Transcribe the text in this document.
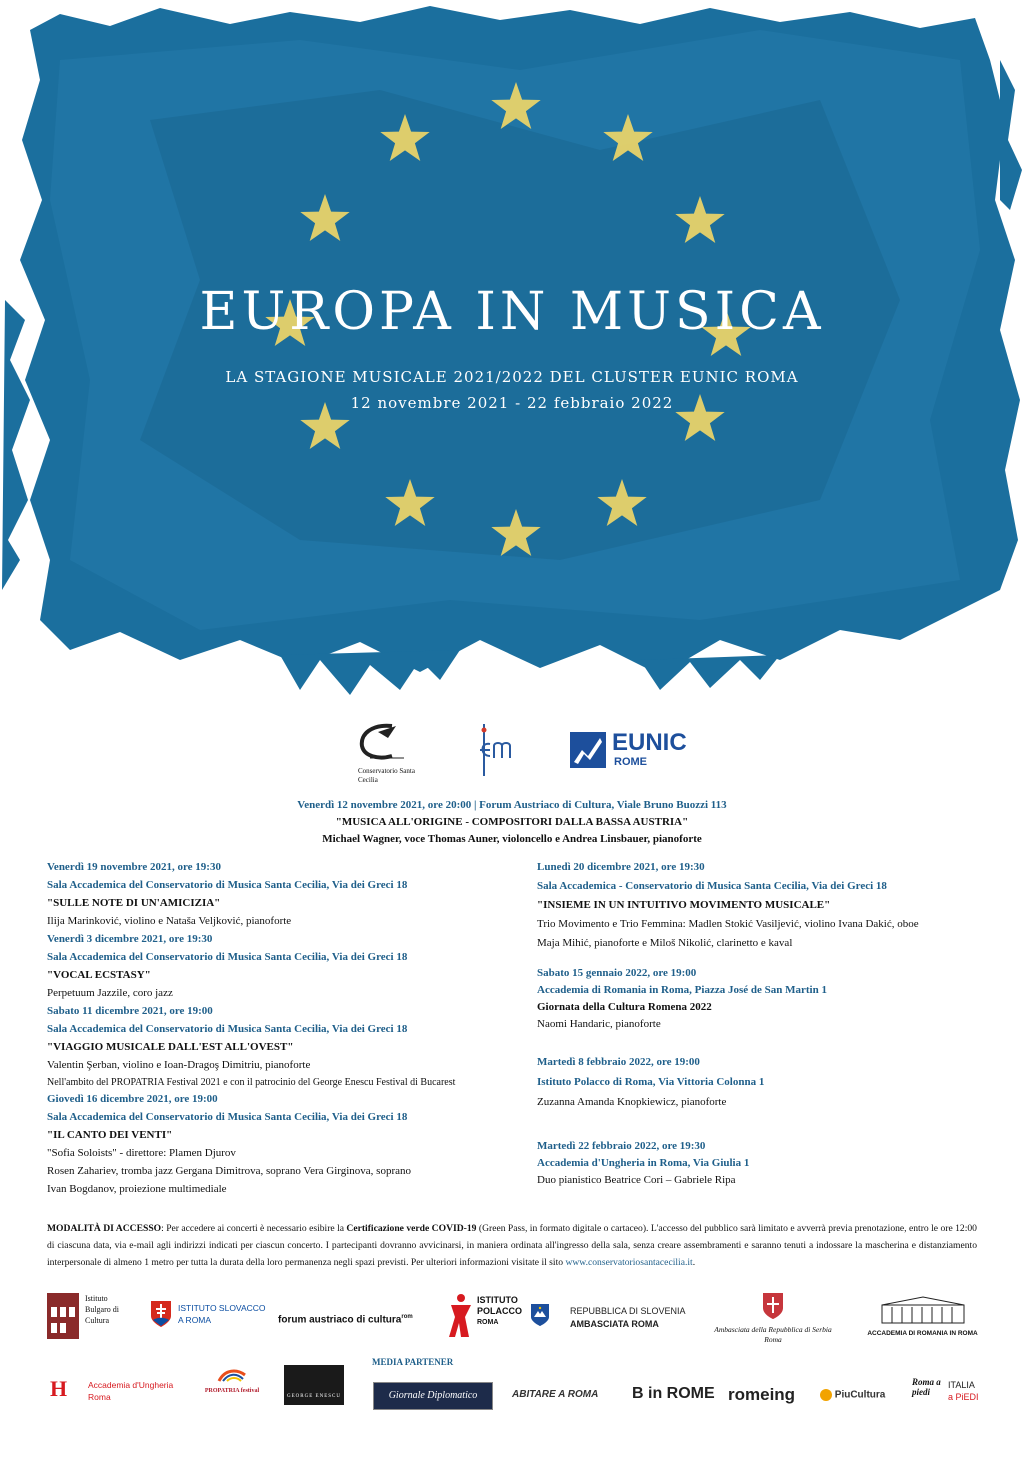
EUROPA IN MUSICA
LA STAGIONE MUSICALE 2021/2022 DEL CLUSTER EUNIC ROMA
12 novembre 2021 - 22 febbraio 2022
Conservatorio Santa Cecilia
EUNIC
ROME
Venerdì 12 novembre 2021, ore 20:00 | Forum Austriaco di Cultura, Viale Bruno Buozzi 113
"MUSICA ALL'ORIGINE - COMPOSITORI DALLA BASSA AUSTRIA"
Michael Wagner, voce Thomas Auner, violoncello e Andrea Linsbauer, pianoforte
Venerdì 19 novembre 2021, ore 19:30
Sala Accademica del Conservatorio di Musica Santa Cecilia, Via dei Greci 18
"SULLE NOTE DI UN'AMICIZIA"
Ilija Marinković, violino e Nataša Veljković, pianoforte
Venerdì 3 dicembre 2021, ore 19:30
Sala Accademica del Conservatorio di Musica Santa Cecilia, Via dei Greci 18
"VOCAL ECSTASY"
Perpetuum Jazzile, coro jazz
Sabato 11 dicembre 2021, ore 19:00
Sala Accademica del Conservatorio di Musica Santa Cecilia, Via dei Greci 18
"VIAGGIO MUSICALE DALL'EST ALL'OVEST"
Valentin Şerban, violino e Ioan-Dragoş Dimitriu, pianoforte
Nell'ambito del PROPATRIA Festival 2021 e con il patrocinio del George Enescu Festival di Bucarest
Giovedì 16 dicembre 2021, ore 19:00
Sala Accademica del Conservatorio di Musica Santa Cecilia, Via dei Greci 18
"IL CANTO DEI VENTI"
"Sofia Soloists" - direttore: Plamen Djurov
Rosen Zahariev, tromba jazz Gergana Dimitrova, soprano Vera Girginova, soprano
Ivan Bogdanov, proiezione multimediale
Lunedì 20 dicembre 2021, ore 19:30
Sala Accademica - Conservatorio di Musica Santa Cecilia, Via dei Greci 18
"INSIEME IN UN INTUITIVO MOVIMENTO MUSICALE"
Trio Movimento e Trio Femmina: Madlen Stokić Vasiljević, violino Ivana Dakić, oboe
Maja Mihić, pianoforte e Miloš Nikolić, clarinetto e kaval
Sabato 15 gennaio 2022, ore 19:00
Accademia di Romania in Roma, Piazza José de San Martin 1
Giornata della Cultura Romena 2022
Naomi Handaric, pianoforte
Martedì 8 febbraio 2022, ore 19:00
Istituto Polacco di Roma, Via Vittoria Colonna 1
Zuzanna Amanda Knopkiewicz, pianoforte
Martedì 22 febbraio 2022, ore 19:30
Accademia d'Ungheria in Roma, Via Giulia 1
Duo pianistico Beatrice Cori – Gabriele Ripa
MODALITÀ DI ACCESSO: Per accedere ai concerti è necessario esibire la Certificazione verde COVID-19 (Green Pass, in formato digitale o cartaceo). L'accesso del pubblico sarà limitato e avverrà previa prenotazione, entro le ore 12:00 di ciascuna data, via e-mail agli indirizzi indicati per ciascun concerto. I partecipanti dovranno avvicinarsi, in maniera ordinata all'ingresso della sala, senza creare assembramenti e saranno tenuti a indossare la mascherina e distanziamento interpersonale di almeno 1 metro per tutta la durata della loro permanenza negli spazi previsti. Per ulteriori informazioni visitate il sito www.conservatoriosantacecilia.it.
Istituto
Bulgaro di
Cultura
ISTITUTO SLOVACCO
A ROMA	forum austriaco di cultura$^{rom}$
ISTITUTO
POLACCO
ROMA
REPUBBLICA DI SLOVENIA
AMBASCIATA ROMA
Ambasciata della Repubblica di Serbia
Roma
ACCADEMIA DI ROMANIA IN ROMA
MEDIA PARTENER
H Accademia d'Ungheria
Roma
PROPATRIA festival
GEORGE ENESCU	Giornale Diplomatico	ABITARE A ROMA	B in ROME romeing	PiuCultura
Roma a piedi
ITALIA
a PiEDI
